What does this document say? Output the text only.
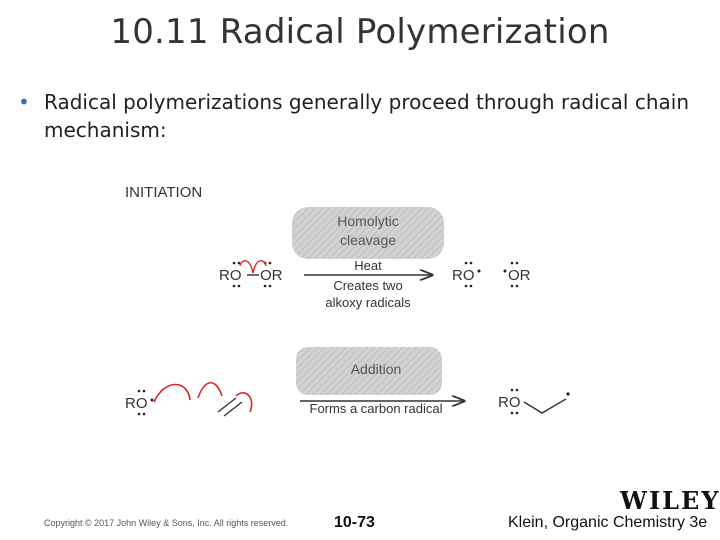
10.11 Radical Polymerization
• Radical polymerizations generally proceed through radical chain mechanism:
INITIATION
Homolytic
cleavage
RO OR
Heat
Creates two
alkoxy radicals
RO OR
Addition
RO	Forms a carbon radical	RO
WILEY
Copyright © 2017 John Wiley & Sons, Inc. All rights reserved.	10-73	Klein, Organic Chemistry 3e
